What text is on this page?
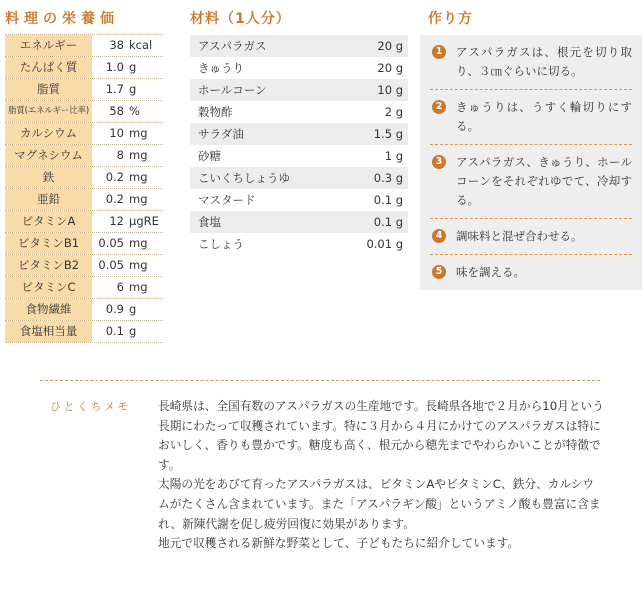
料理の栄養価
エネルギー	38 kcal
たんぱく質	1.0 g
脂質	1.7 g
脂質(エネルギー比率)	58 %
カルシウム	10 mg
マグネシウム	8 mg
鉄	0.2 mg
亜鉛	0.2 mg
ビタミンA	12 μgRE
ビタミンB1	0.05 mg
ビタミンB2	0.05 mg
ビタミンC	6 mg
食物繊維	0.9 g
食塩相当量	0.1 g
材料（1人分）
アスパラガス	20 g
きゅうり	20 g
ホールコーン	10 g
穀物酢	2 g
サラダ油	1.5 g
砂糖	1 g
こいくちしょうゆ	0.3 g
マスタード	0.1 g
食塩	0.1 g
こしょう	0.01 g
作り方
1	アスパラガスは、根元を切り取り、３㎝ぐらいに切る。
2	きゅうりは、うすく輪切りにする。
3	アスパラガス、きゅうり、ホールコーンをそれぞれゆでて、冷却する。
4	調味料と混ぜ合わせる。
5	味を調える。
ひとくちメモ 長崎県は、全国有数のアスパラガスの生産地です。長崎県各地で２月から10月という長期にわたって収穫されています。特に３月から４月にかけてのアスパラガスは特においしく、香りも豊かです。糖度も高く、根元から穂先までやわらかいことが特徴です。

太陽の光をあびて育ったアスパラガスは、ビタミンAやビタミンC、鉄分、カルシウムがたくさん含まれています。また「アスパラギン酸」というアミノ酸も豊富に含まれ、新陳代謝を促し疲労回復に効果があります。

地元で収穫される新鮮な野菜として、子どもたちに紹介しています。
